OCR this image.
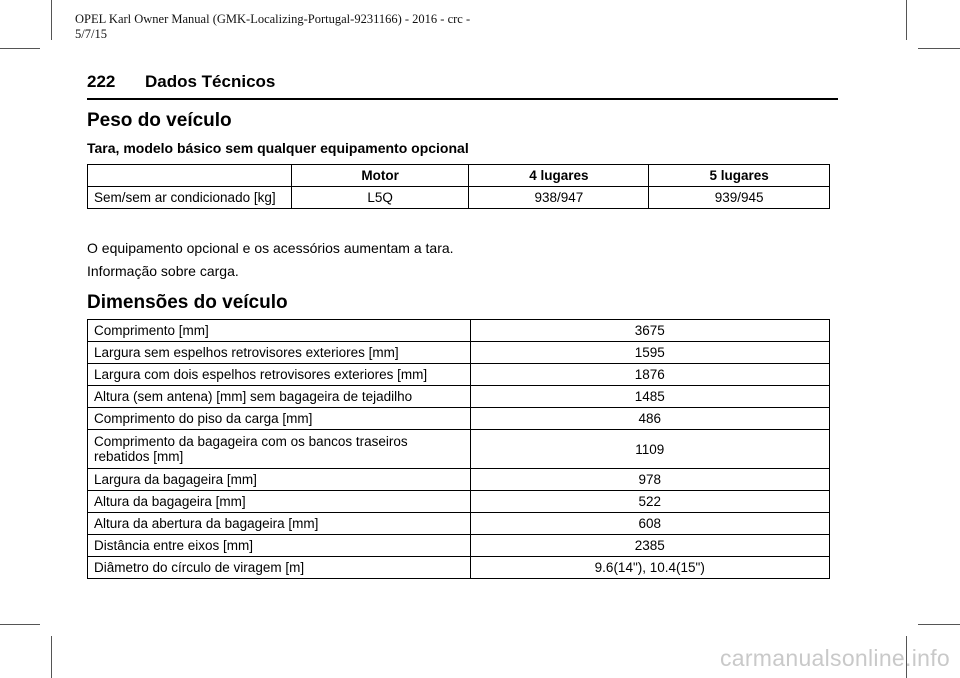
OPEL Karl Owner Manual (GMK-Localizing-Portugal-9231166) - 2016 - crc -
5/7/15
222 Dados Técnicos
Peso do veículo
Tara, modelo básico sem qualquer equipamento opcional
	Motor	4 lugares	5 lugares
Sem/sem ar condicionado [kg]	L5Q	938/947	939/945
O equipamento opcional e os acessórios aumentam a tara.
Informação sobre carga.
Dimensões do veículo
Comprimento [mm]	3675
Largura sem espelhos retrovisores exteriores [mm]	1595
Largura com dois espelhos retrovisores exteriores [mm]	1876
Altura (sem antena) [mm] sem bagageira de tejadilho	1485
Comprimento do piso da carga [mm]	486

Comprimento da bagageira com os bancos traseiros
rebatidos [mm]	1109
Largura da bagageira [mm]	978
Altura da bagageira [mm]	522
Altura da abertura da bagageira [mm]	608
Distância entre eixos [mm]	2385
Diâmetro do círculo de viragem [m]	9.6(14"), 10.4(15")
carmanualsonline.info
